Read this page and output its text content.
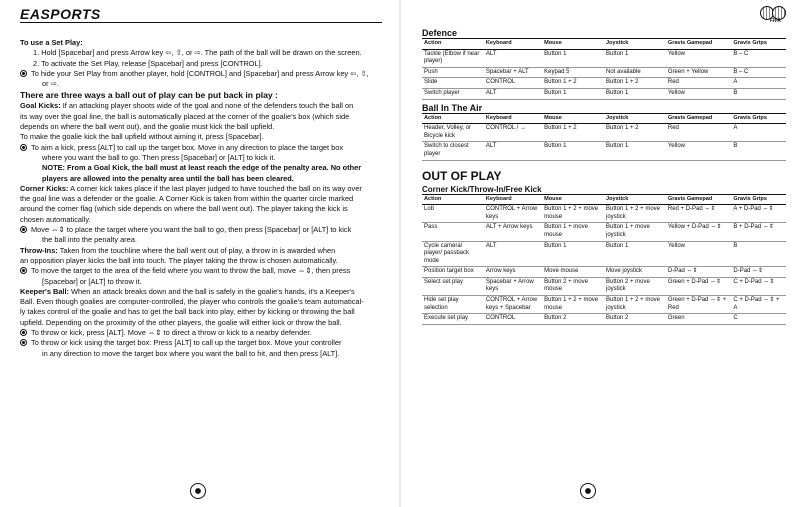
EASPORTS
To use a Set Play:
1. Hold [Spacebar] and press Arrow key ⇦, ⇧, or ⇨. The path of the ball will be drawn on the screen.
2. To activate the Set Play, release [Spacebar] and press [CONTROL].
To hide your Set Play from another player, hold [CONTROL] and [Spacebar] and press Arrow key ⇦, ⇧,
or ⇨.
There are three ways a ball out of play can be put back in play :
Goal Kicks: If an attacking player shoots wide of the goal and none of the defenders touch the ball on
its way over the goal line, the ball is automatically placed at the corner of the goalie's box (which side
depends on where the ball went out), and the goalie must kick the ball upfield.
To make the goalie kick the ball upfield without aiming it, press [Spacebar].
To aim a kick, press [ALT] to call up the target box. Move in any direction to place the target box
where you want the ball to go. Then press [Spacebar] or [ALT] to kick it.
NOTE: From a Goal Kick, the ball must at least reach the edge of the penalty area. No other
players are allowed into the penalty area until the ball has been cleared.
Corner Kicks: A corner kick takes place if the last player judged to have touched the ball on its way over
the goal line was a defender or the goalie. A Corner Kick is taken from within the quarter circle marked
around the corner flag (which side depends on where the ball went out). The player taking the kick is
chosen automatically.
Move ⇔⇕ to place the target where you want the ball to go, then press [Spacebar] or [ALT] to kick
the ball into the penalty area.
Throw-Ins: Taken from the touchline where the ball went out of play, a throw in is awarded when
an opposition player kicks the ball into touch. The player taking the throw is chosen automatically.
To move the target to the area of the field where you want to throw the ball, move ⇔⇕, then press
[Spacebar] or [ALT] to throw it.
Keeper's Ball: When an attack breaks down and the ball is safely in the goalie's hands, it's a Keeper's
Ball. Even though goalies are computer-controlled, the player who controls the goalie's team automatical-
ly takes control of the goalie and has to get the ball back into play, either by kicking or throwing the ball
upfield. Depending on the proximity of the other players, the goalie will either kick or throw the ball.
To throw or kick, press [ALT]. Move ⇔⇕ to direct a throw or kick to a nearby defender.
To throw or kick using the target box: Press [ALT] to call up the target box. Move your controller
in any direction to move the target box where you want the ball to hit, and then press [ALT].
FIFA
Defence
Action	Keyboard	Mouse	Joystick	Gravis Gamepad	Gravis Grips
Tackle (Elbow if near player)	ALT	Button 1	Button 1	Yellow	B – C
Push	Spacebar + ALT	Keypad 5	Not available	Green + Yellow	B – C
Slide	CONTROL	Button 1 + 2	Button 1 + 2	Red	A
Switch player	ALT	Button 1	Button 1	Yellow	B
Ball In The Air
Action	Keyboard	Mouse	Joystick	Gravis Gamepad	Gravis Grips
Header, Volley, or Bicycle kick	CONTROL / →	Button 1 + 2	Button 1 + 2	Red	A
Switch to closest player	ALT	Button 1	Button 1	Yellow	B
OUT OF PLAY
Corner Kick/Throw-In/Free Kick
Action	Keyboard	Mouse	Joystick	Gravis Gamepad	Gravis Grips
Lob	CONTROL + Arrow keys	Button 1 + 2 + move mouse	Button 1 + 2 + move joystick	Red + D-Pad ⇔⇕	A + D-Pad ⇔⇕
Pass	ALT + Arrow keys	Button 1 + move mouse	Button 1 + move joystick	Yellow + D-Pad ⇔⇕	B + D-Pad ⇔⇕
Cycle camera/ player/ passback mode	ALT	Button 1	Button 1	Yellow	B
Position target box	Arrow keys	Move mouse	Move joystick	D-Pad ⇔⇕	D-Pad ⇔⇕
Select set play	Spacebar + Arrow keys	Button 2 + move mouse	Button 2 + move joystick	Green + D-Pad ⇔⇕	C + D-Pad ⇔⇕
Hide set play selection	CONTROL + Arrow keys + Spacebar	Button 1 + 2 + move mouse	Button 1 + 2 + move joystick	Green + D-Pad ⇔⇕ + Red	C + D-Pad ⇔⇕ + A
Execute set play	CONTROL	Button 2	Button 2	Green	C
